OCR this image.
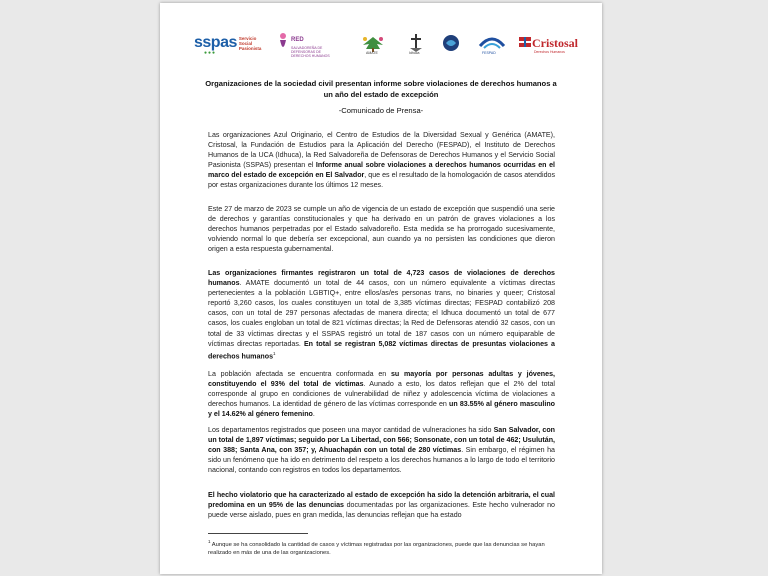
sspas Servicio
Social
Pasionista
●●●
RED

SALVADOREÑA DE DEFENSORAS DE DERECHOS HUMANOS
AMATE	Idhuca	FESPAD
Cristosal
Derechos Humanos
Organizaciones de la sociedad civil presentan informe sobre violaciones de derechos humanos a un año del estado de excepción
-Comunicado de Prensa-

Las organizaciones Azul Originario, el Centro de Estudios de la Diversidad Sexual y Genérica (AMATE), Cristosal, la Fundación de Estudios para la Aplicación del Derecho (FESPAD), el Instituto de Derechos Humanos de la UCA (Idhuca), la Red Salvadoreña de Defensoras de Derechos Humanos y el Servicio Social Pasionista (SSPAS) presentan el Informe anual sobre violaciones a derechos humanos ocurridas en el marco del estado de excepción en El Salvador, que es el resultado de la homologación de casos atendidos por estas organizaciones durante los últimos 12 meses.

Este 27 de marzo de 2023 se cumple un año de vigencia de un estado de excepción que suspendió una serie de derechos y garantías constitucionales y que ha derivado en un patrón de graves violaciones a los derechos humanos perpetradas por el Estado salvadoreño. Esta medida se ha prorrogado sucesivamente, volviendo normal lo que debería ser excepcional, aun cuando ya no persisten las condiciones que dieron origen a esta respuesta gubernamental.

Las organizaciones firmantes registraron un total de 4,723 casos de violaciones de derechos humanos. AMATE documentó un total de 44 casos, con un número equivalente a víctimas directas pertenecientes a la población LGBTIQ+, entre ellos/as/es personas trans, no binaries y queer; Cristosal reportó 3,260 casos, los cuales constituyen un total de 3,385 víctimas directas; FESPAD contabilizó 208 casos, con un total de 297 personas afectadas de manera directa; el Idhuca documentó un total de 677 casos, los cuales engloban un total de 821 víctimas directas; la Red de Defensoras atendió 32 casos, con un total de 33 víctimas directas y el SSPAS registró un total de 187 casos con un número equiparable de víctimas directas reportadas. En total se registran 5,082 víctimas directas de presuntas violaciones a derechos humanos$^1$

La población afectada se encuentra conformada en su mayoría por personas adultas y jóvenes, constituyendo el 93% del total de víctimas. Aunado a esto, los datos reflejan que el 2% del total corresponde al grupo en condiciones de vulnerabilidad de niñez y adolescencia víctima de violaciones a derechos humanos. La identidad de género de las víctimas corresponde en un 83.55% al género masculino y el 14.62% al género femenino.

Los departamentos registrados que poseen una mayor cantidad de vulneraciones ha sido San Salvador, con un total de 1,897 víctimas; seguido por La Libertad, con 566; Sonsonate, con un total de 462; Usulután, con 388; Santa Ana, con 357; y, Ahuachapán con un total de 280 víctimas. Sin embargo, el régimen ha sido un fenómeno que ha ido en detrimento del respeto a los derechos humanos a lo largo de todo el territorio nacional, contando con registros en todos los departamentos.

El hecho violatorio que ha caracterizado al estado de excepción ha sido la detención arbitraria, el cual predomina en un 95% de las denuncias documentadas por las organizaciones. Este hecho vulnerador no puede verse aislado, pues en gran medida, las denuncias reflejan que ha estado

$^1$ Aunque se ha consolidado la cantidad de casos y víctimas registradas por las organizaciones, puede que las denuncias se hayan realizado en más de una de las organizaciones.
